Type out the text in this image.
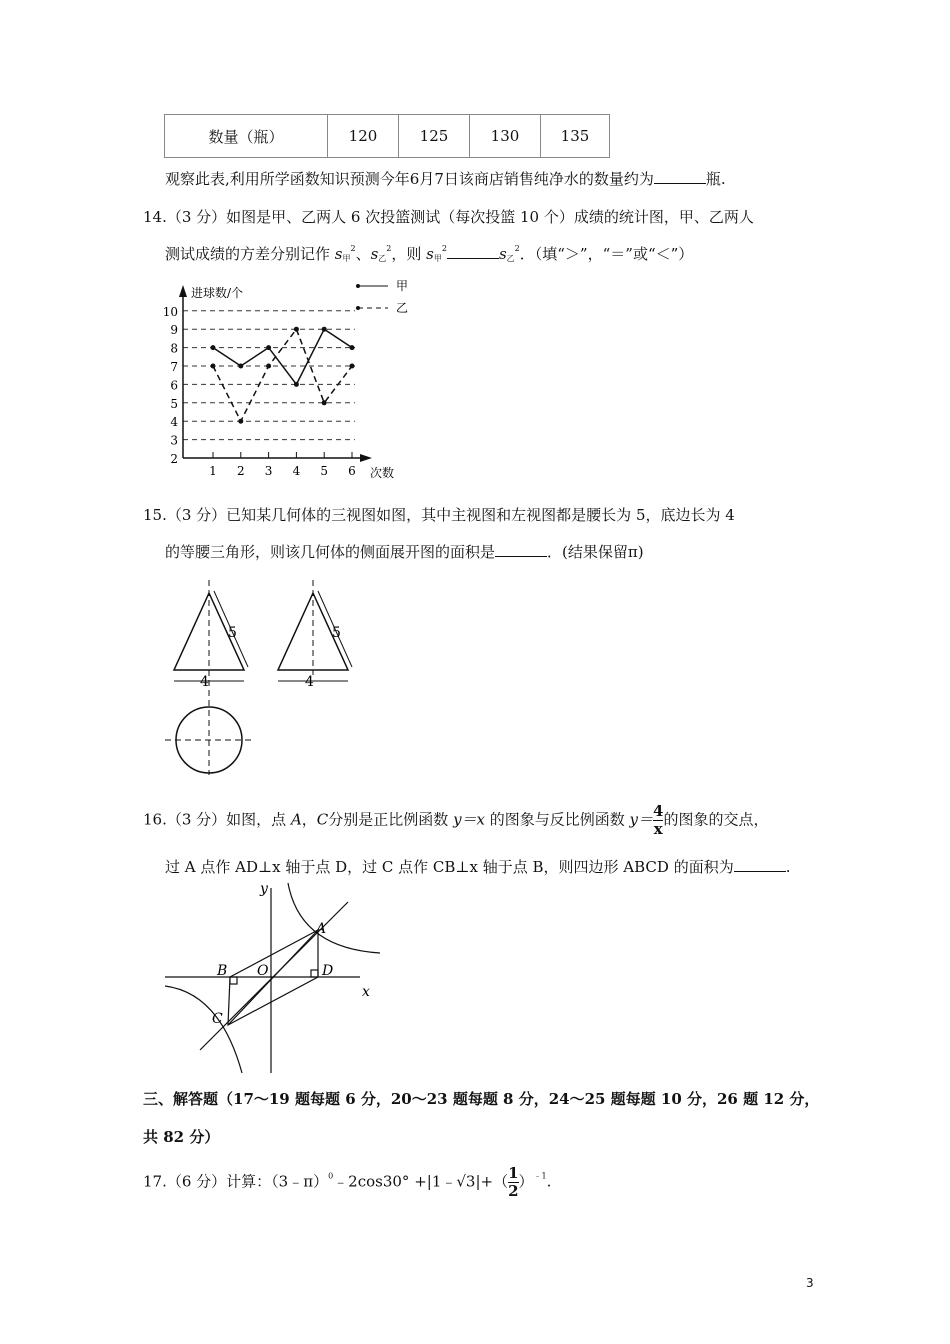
数量（瓶）	120	125	130	135
观察此表,利用所学函数知识预测今年6月7日该商店销售纯净水的数量约为	瓶.
14.（3 分）如图是甲、乙两人 6 次投篮测试（每次投篮 10 个）成绩的统计图，甲、乙两人
测试成绩的方差分别记作 $s_甲^2$、$s_乙^2$，则 $s_甲^2$	$s_乙^2$．（填“＞”，“＝”或“＜”）
2
3
4
5
6
7
8
9
10
1 2 3 4 5 6
进球数/个
次数
甲
乙
15.（3 分）已知某几何体的三视图如图，其中主视图和左视图都是腰长为 5，底边长为 4
的等腰三角形，则该几何体的侧面展开图的面积是	．(结果保留π)
5
4
5
4
16.（3 分）如图，点 A，C分别是正比例函数 y＝x 的图象与反比例函数 $y= \frac{4}{x}$ 的图象的交点，
过 A 点作 AD⊥x 轴于点 D，过 C 点作 CB⊥x 轴于点 B，则四边形 ABCD 的面积为	.
y
x
A
B O	D
C
三、解答题（17～19 题每题 6 分，20～23 题每题 8 分，24～25 题每题 10 分，26 题 12 分，
共 82 分）
17.（6 分）计算：（3﹣π）$^0$﹣2cos30° +|1﹣√3|+（ $\frac{1}{2} )^{﹣1}$.
3
